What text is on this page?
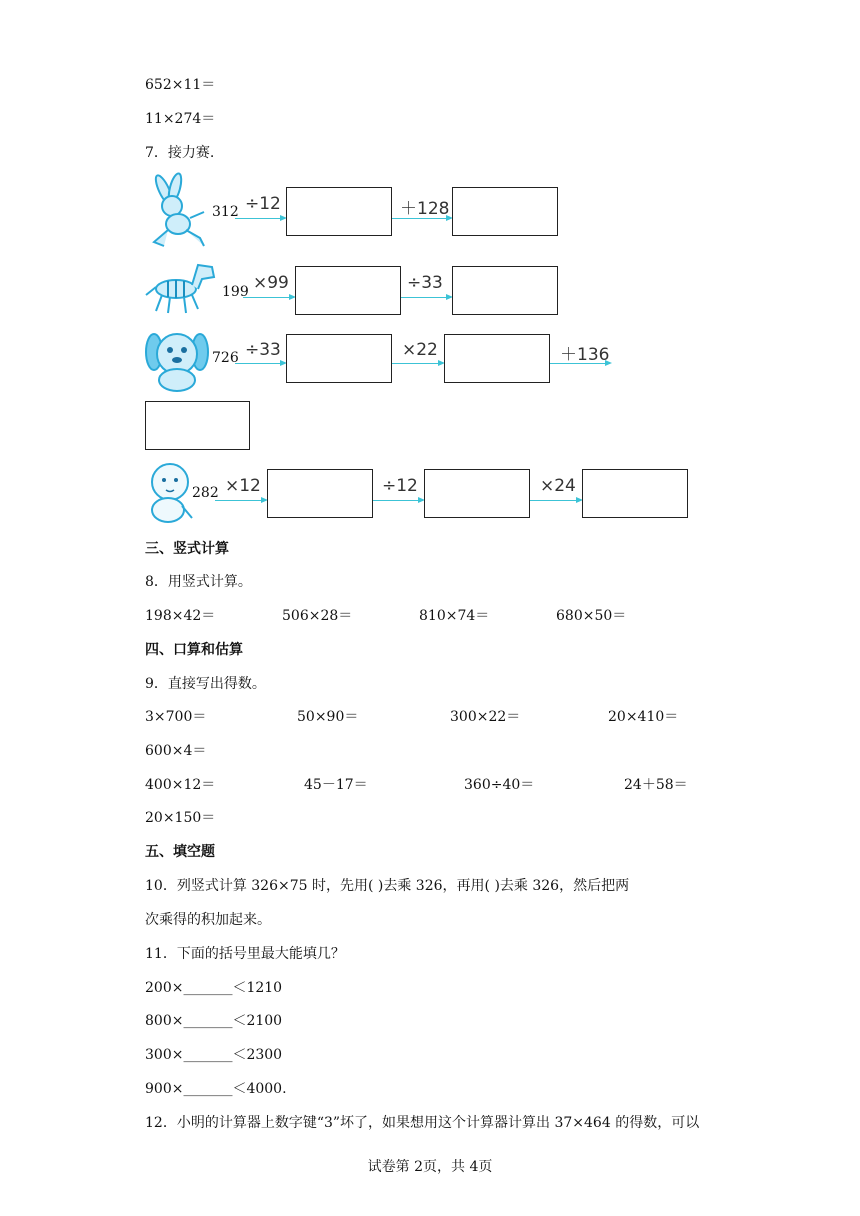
652×11＝
11×274＝
7．接力赛.
312 ÷12	＋128
199 ×99	÷33
726 ÷33	×22	＋136
282 ×12	÷12	×24
三、竖式计算
8．用竖式计算。
198×42＝	506×28＝	810×74＝	680×50＝
四、口算和估算
9．直接写出得数。
3×700＝	50×90＝	300×22＝	20×410＝
600×4＝
400×12＝	45－17＝	360÷40＝	24＋58＝
20×150＝
五、填空题
10．列竖式计算 326×75 时，先用( )去乘 326，再用( )去乘 326，然后把两
次乘得的积加起来。
11．下面的括号里最大能填几？
200×_______＜1210
800×_______＜2100
300×_______＜2300
900×_______＜4000.
12．小明的计算器上数字键“3”坏了，如果想用这个计算器计算出 37×464 的得数，可以
试卷第 2页，共 4页
